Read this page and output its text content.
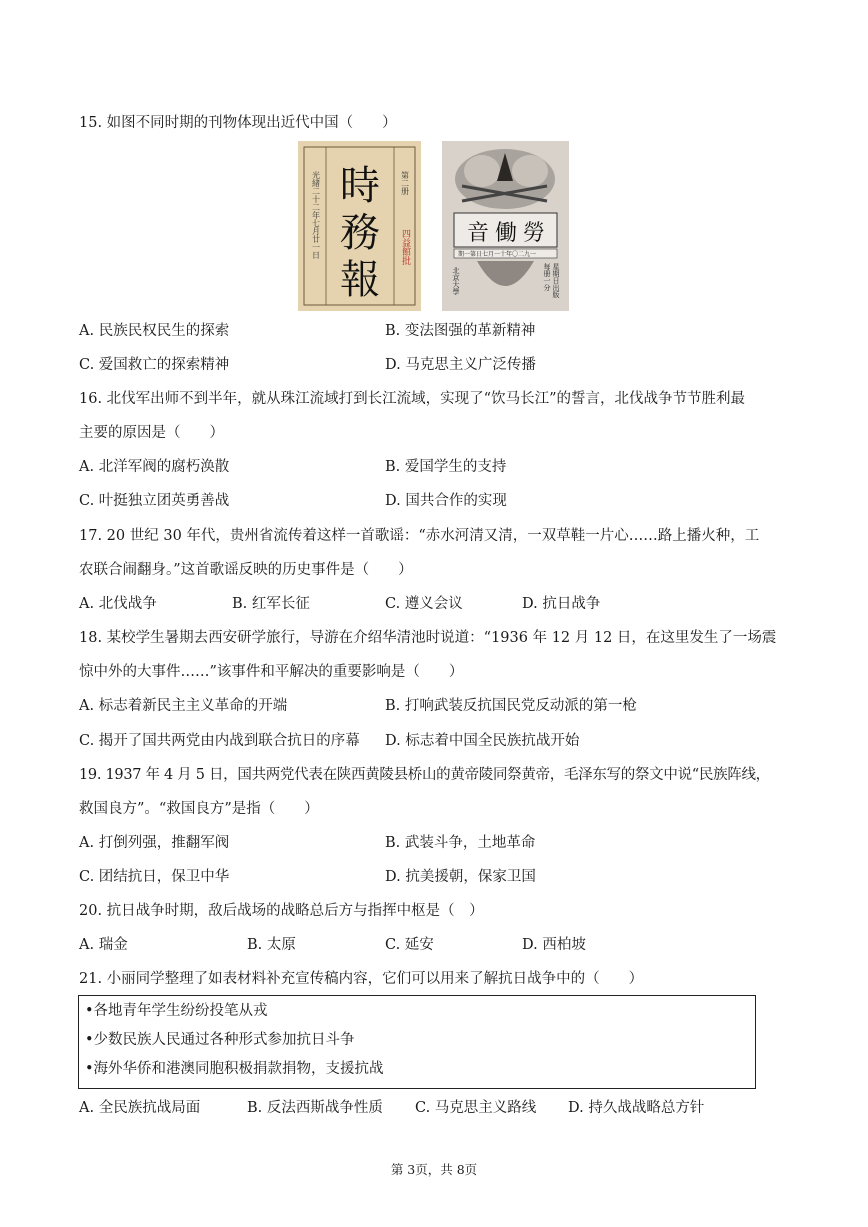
15. 如图不同时期的刊物体现出近代中国（　　）
時
務
報
光緒二十二年七月廿一日	第二册
四益館批	音 働 勞
期一第日七月一十年〇二九一
北京大學	每册一分 星期日出版
A. 民族民权民生的探索	B. 变法图强的革新精神
C. 爱国救亡的探索精神	D. 马克思主义广泛传播
16. 北伐军出师不到半年，就从珠江流域打到长江流域，实现了“饮马长江”的誓言，北伐战争节节胜利最
主要的原因是（　　）
A. 北洋军阀的腐朽涣散	B. 爱国学生的支持
C. 叶挺独立团英勇善战	D. 国共合作的实现
17. 20 世纪 30 年代，贵州省流传着这样一首歌谣：“赤水河清又清，一双草鞋一片心……路上播火种，工
农联合闹翻身。”这首歌谣反映的历史事件是（　　）
A. 北伐战争	B. 红军长征	C. 遵义会议	D. 抗日战争
18. 某校学生暑期去西安研学旅行，导游在介绍华清池时说道：“1936 年 12 月 12 日，在这里发生了一场震
惊中外的大事件……”该事件和平解决的重要影响是（　　）
A. 标志着新民主主义革命的开端	B. 打响武装反抗国民党反动派的第一枪
C. 揭开了国共两党由内战到联合抗日的序幕 D. 标志着中国全民族抗战开始
19. 1937 年 4 月 5 日，国共两党代表在陕西黄陵县桥山的黄帝陵同祭黄帝，毛泽东写的祭文中说“民族阵线，
救国良方”。“救国良方”是指（　　）
A. 打倒列强，推翻军阀	B. 武装斗争，土地革命
C. 团结抗日，保卫中华	D. 抗美援朝，保家卫国
20. 抗日战争时期，敌后战场的战略总后方与指挥中枢是（　）
A. 瑞金	B. 太原	C. 延安	D. 西柏坡
21. 小丽同学整理了如表材料补充宣传稿内容，它们可以用来了解抗日战争中的（　　）
•各地青年学生纷纷投笔从戎
•少数民族人民通过各种形式参加抗日斗争
•海外华侨和港澳同胞积极捐款捐物，支援抗战
A. 全民族抗战局面	B. 反法西斯战争性质 C. 马克思主义路线 D. 持久战战略总方针
第 3页，共 8页
